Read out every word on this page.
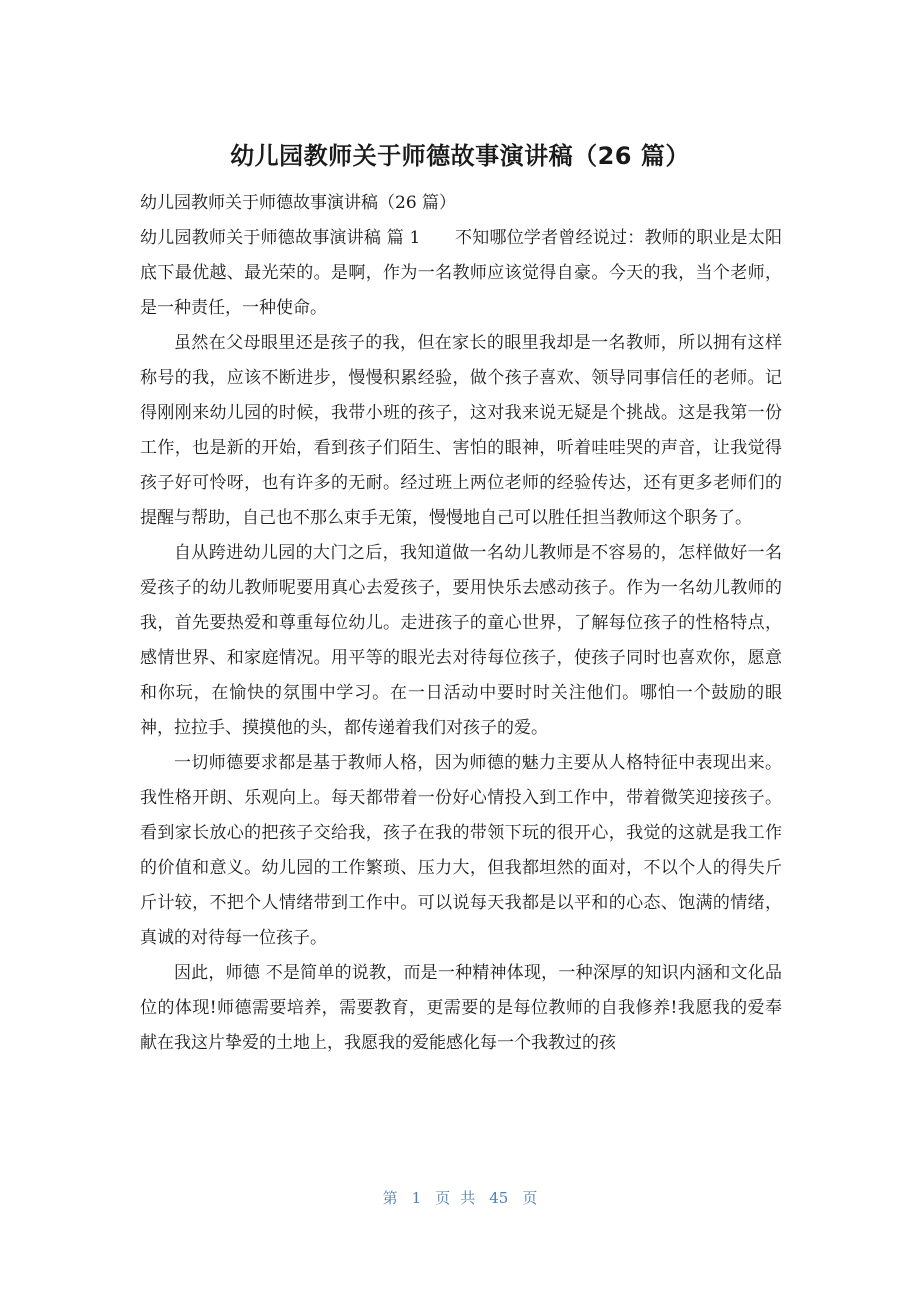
幼儿园教师关于师德故事演讲稿（26 篇）

幼儿园教师关于师德故事演讲稿（26 篇）

幼儿园教师关于师德故事演讲稿 篇 1　　不知哪位学者曾经说过：教师的职业是太阳底下最优越、最光荣的。是啊，作为一名教师应该觉得自豪。今天的我，当个老师，是一种责任，一种使命。

虽然在父母眼里还是孩子的我，但在家长的眼里我却是一名教师，所以拥有这样称号的我，应该不断进步，慢慢积累经验，做个孩子喜欢、领导同事信任的老师。记得刚刚来幼儿园的时候，我带小班的孩子，这对我来说无疑是个挑战。这是我第一份工作，也是新的开始，看到孩子们陌生、害怕的眼神，听着哇哇哭的声音，让我觉得孩子好可怜呀，也有许多的无耐。经过班上两位老师的经验传达，还有更多老师们的提醒与帮助，自己也不那么束手无策，慢慢地自己可以胜任担当教师这个职务了。

自从跨进幼儿园的大门之后，我知道做一名幼儿教师是不容易的，怎样做好一名爱孩子的幼儿教师呢要用真心去爱孩子，要用快乐去感动孩子。作为一名幼儿教师的我，首先要热爱和尊重每位幼儿。走进孩子的童心世界，了解每位孩子的性格特点，感情世界、和家庭情况。用平等的眼光去对待每位孩子，使孩子同时也喜欢你，愿意和你玩，在愉快的氛围中学习。在一日活动中要时时关注他们。哪怕一个鼓励的眼神，拉拉手、摸摸他的头，都传递着我们对孩子的爱。

一切师德要求都是基于教师人格，因为师德的魅力主要从人格特征中表现出来。我性格开朗、乐观向上。每天都带着一份好心情投入到工作中，带着微笑迎接孩子。看到家长放心的把孩子交给我，孩子在我的带领下玩的很开心，我觉的这就是我工作的价值和意义。幼儿园的工作繁琐、压力大，但我都坦然的面对，不以个人的得失斤斤计较，不把个人情绪带到工作中。可以说每天我都是以平和的心态、饱满的情绪，真诚的对待每一位孩子。

因此，师德 不是简单的说教，而是一种精神体现，一种深厚的知识内涵和文化品位的体现!师德需要培养，需要教育，更需要的是每位教师的自我修养!我愿我的爱奉献在我这片挚爱的土地上，我愿我的爱能感化每一个我教过的孩

第 1 页 共 45 页
